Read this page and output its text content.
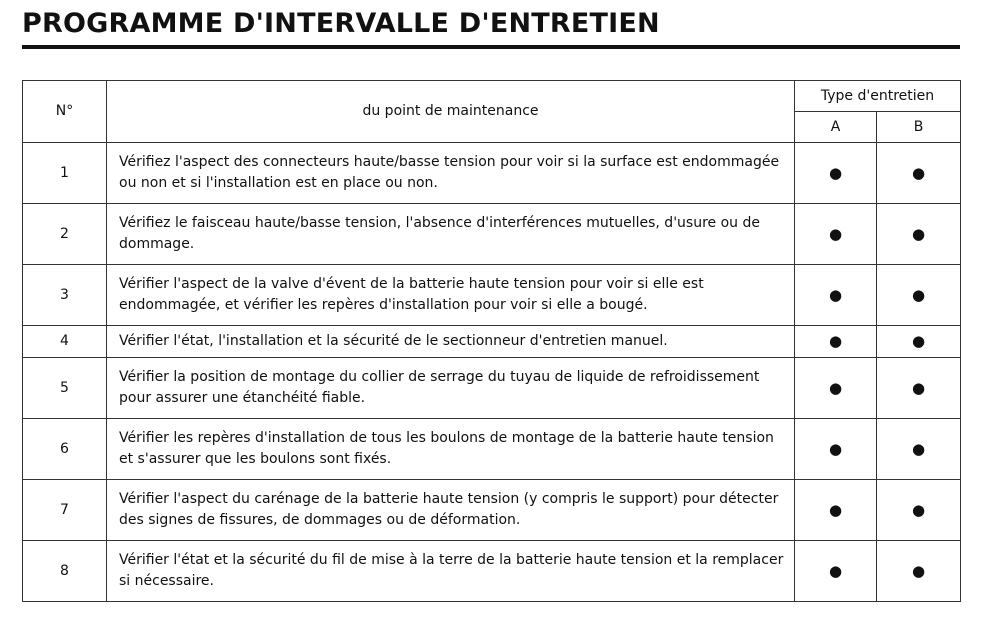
PROGRAMME D'INTERVALLE D'ENTRETIEN
N°	du point de maintenance	Type d'entretien	
		A	B
1	Vérifiez l'aspect des connecteurs haute/basse tension pour voir si la surface est endommagée ou non et si l'installation est en place ou non.	●	●
2	Vérifiez le faisceau haute/basse tension, l'absence d'interférences mutuelles, d'usure ou de dommage.	●	●
3	Vérifier l'aspect de la valve d'évent de la batterie haute tension pour voir si elle est endommagée, et vérifier les repères d'installation pour voir si elle a bougé.	●	●
4	Vérifier l'état, l'installation et la sécurité de le sectionneur d'entretien manuel.	●	●
5	Vérifier la position de montage du collier de serrage du tuyau de liquide de refroidissement pour assurer une étanchéité fiable.	●	●
6	Vérifier les repères d'installation de tous les boulons de montage de la batterie haute tension et s'assurer que les boulons sont fixés.	●	●
7	Vérifier l'aspect du carénage de la batterie haute tension (y compris le support) pour détecter des signes de fissures, de dommages ou de déformation.	●	●
8	Vérifier l'état et la sécurité du fil de mise à la terre de la batterie haute tension et la remplacer si nécessaire.	●	●
